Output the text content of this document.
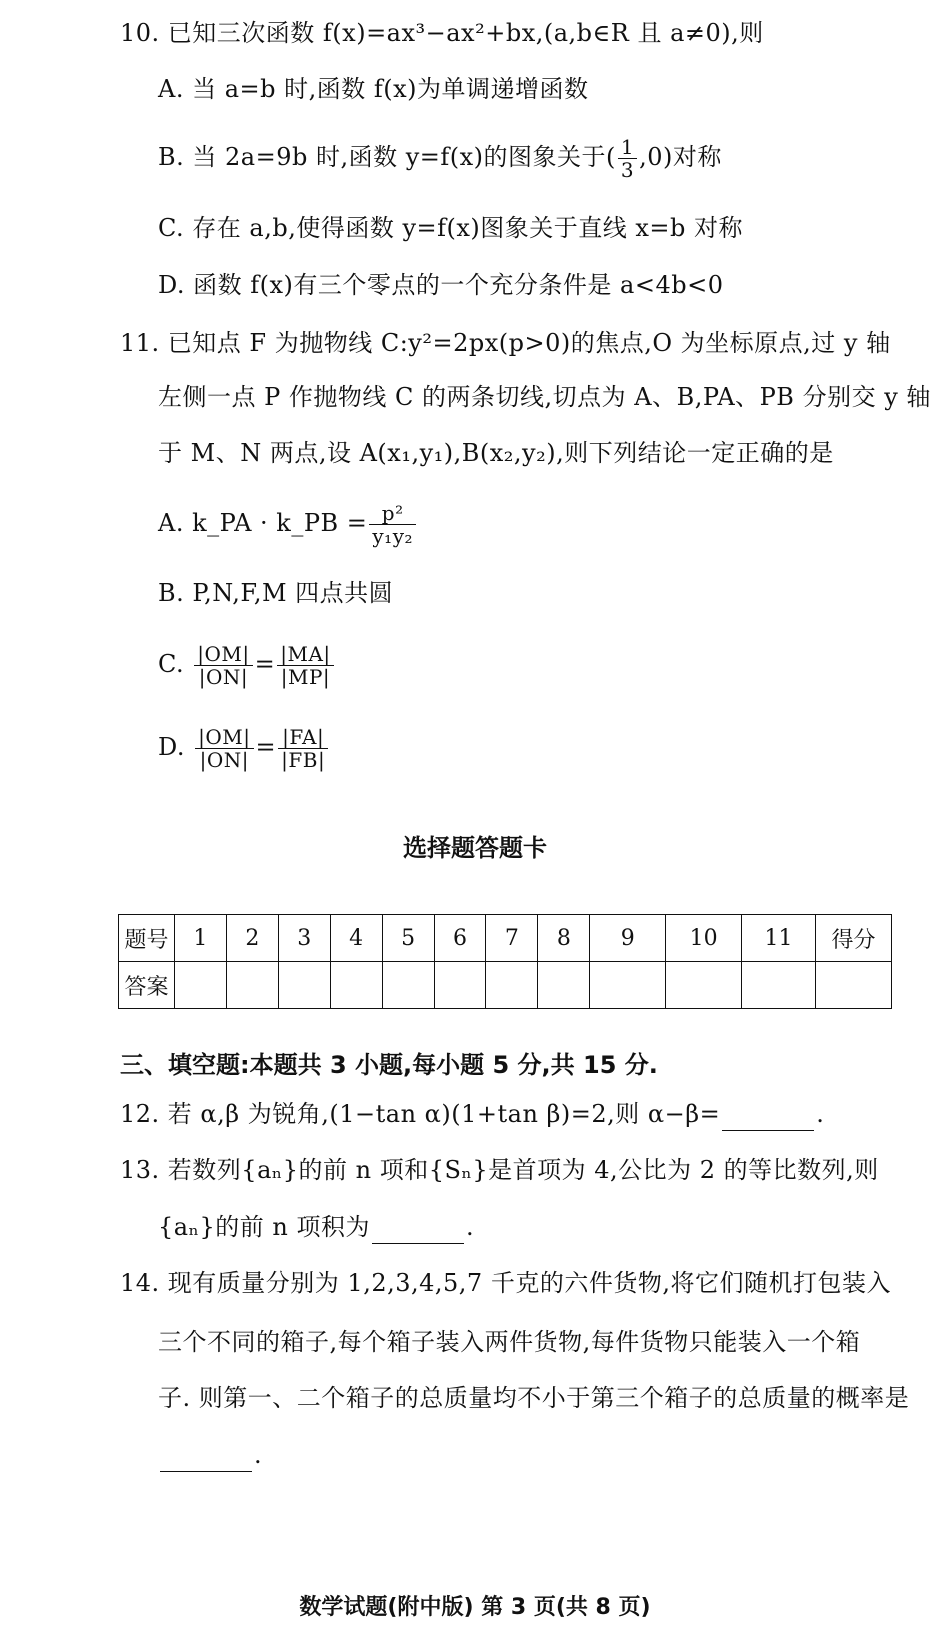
10. 已知三次函数 f(x)=ax³−ax²+bx,(a,b∈R 且 a≠0),则
A. 当 a=b 时,函数 f(x)为单调递增函数
B. 当 2a=9b 时,函数 y=f(x)的图象关于( $\frac{1}{3} ,0$)对称
C. 存在 a,b,使得函数 y=f(x)图象关于直线 x=b 对称
D. 函数 f(x)有三个零点的一个充分条件是 a<4b<0
11. 已知点 F 为抛物线 C:y²=2px(p>0)的焦点,O 为坐标原点,过 y 轴
左侧一点 P 作抛物线 C 的两条切线,切点为 A、B,PA、PB 分别交 y 轴
于 M、N 两点,设 A(x₁,y₁),B(x₂,y₂),则下列结论一定正确的是
A. k_PA · k_PB = $\frac{\text{p²}}{\text{y₁y₂}}$
B. P,N,F,M 四点共圆
C. $\frac{|OM|}{|ON|} = \frac{|MA|}{|MP|}$
D. $\frac{|OM|}{|ON|} = \frac{|FA|}{|FB|}$
选择题答题卡
题号	1	2	3	4	5	6	7	8	9	10	11	得分
答案												
三、填空题:本题共 3 小题,每小题 5 分,共 15 分.
12. 若 α,β 为锐角,(1−tan α)(1+tan β)=2,则 α−β=	.
13. 若数列{aₙ}的前 n 项和{Sₙ}是首项为 4,公比为 2 的等比数列,则
{aₙ}的前 n 项积为	.
14. 现有质量分别为 1,2,3,4,5,7 千克的六件货物,将它们随机打包装入
三个不同的箱子,每个箱子装入两件货物,每件货物只能装入一个箱
子. 则第一、二个箱子的总质量均不小于第三个箱子的总质量的概率是
.
数学试题(附中版) 第 3 页(共 8 页)
